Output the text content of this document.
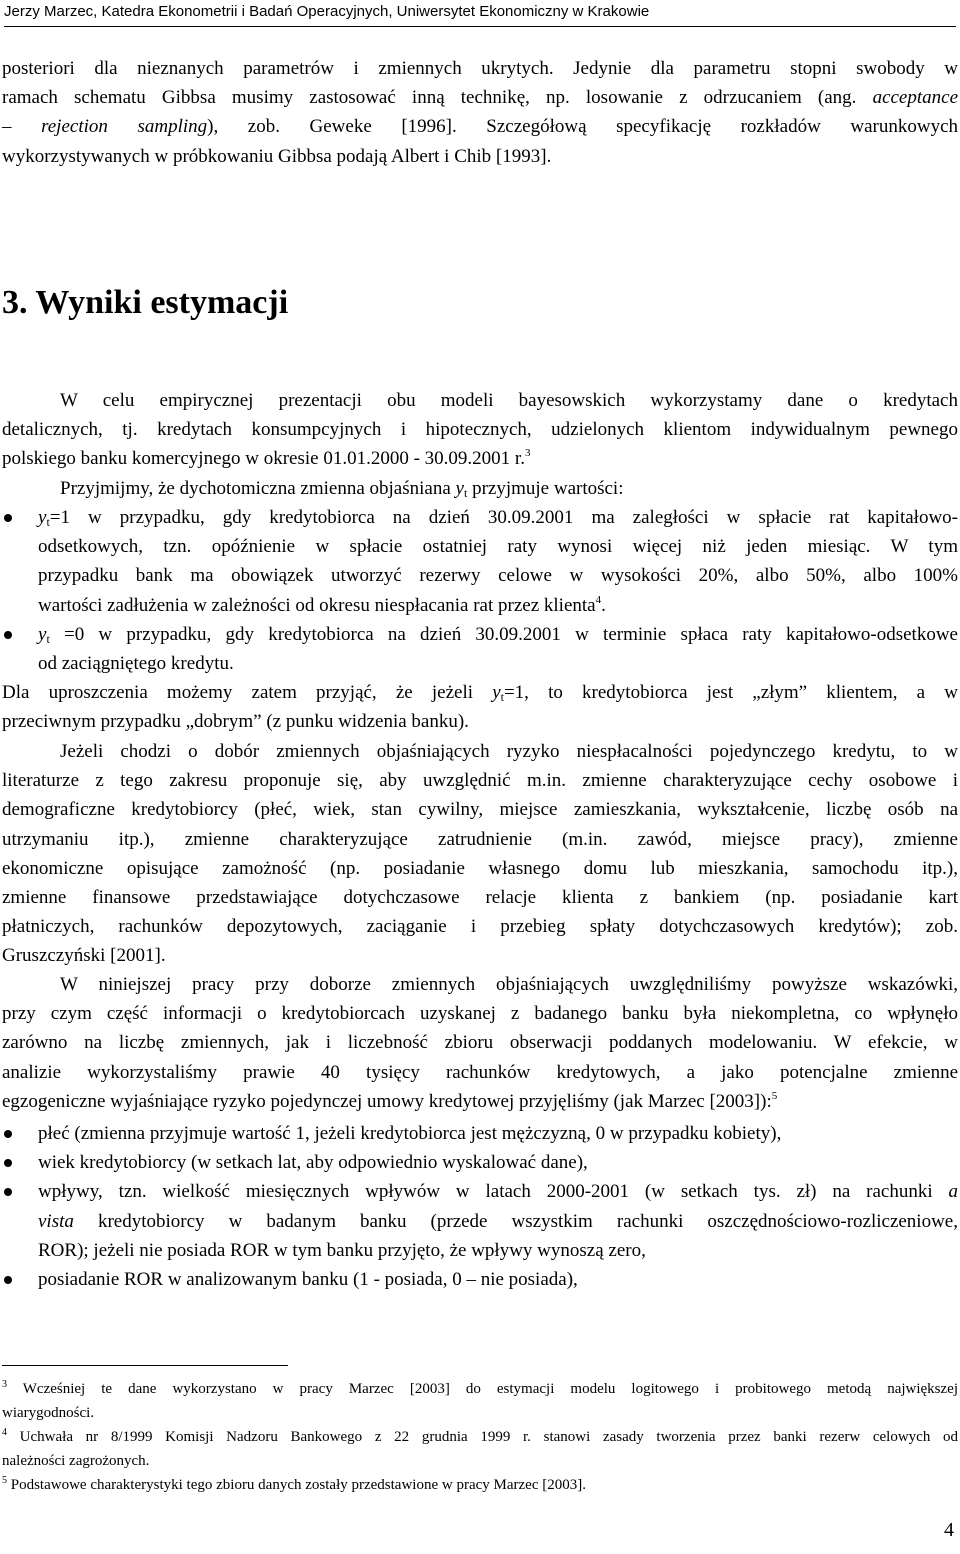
Jerzy Marzec, Katedra Ekonometrii i Badań Operacyjnych, Uniwersytet Ekonomiczny w Krakowie
posteriori dla nieznanych parametrów i zmiennych ukrytych. Jedynie dla parametru stopni swobody w
ramach schematu Gibbsa musimy zastosować inną technikę, np. losowanie z odrzucaniem (ang. acceptance
– rejection sampling), zob. Geweke [1996]. Szczegółową specyfikację rozkładów warunkowych
wykorzystywanych w próbkowaniu Gibbsa podają Albert i Chib [1993].
3. Wyniki estymacji
W celu empirycznej prezentacji obu modeli bayesowskich wykorzystamy dane o kredytach
detalicznych, tj. kredytach konsumpcyjnych i hipotecznych, udzielonych klientom indywidualnym pewnego
polskiego banku komercyjnego w okresie 01.01.2000 - 30.09.2001 r.$^3$
Przyjmijmy, że dychotomiczna zmienna objaśniana $y_t$ przyjmuje wartości:
$y_t=1$ w przypadku, gdy kredytobiorca na dzień 30.09.2001 ma zaległości w spłacie rat kapitałowo-
odsetkowych, tzn. opóźnienie w spłacie ostatniej raty wynosi więcej niż jeden miesiąc. W tym
przypadku bank ma obowiązek utworzyć rezerwy celowe w wysokości 20%, albo 50%, albo 100%
wartości zadłużenia w zależności od okresu niespłacania rat przez klienta$^4$.
$y_t =0$ w przypadku, gdy kredytobiorca na dzień 30.09.2001 w terminie spłaca raty kapitałowo-odsetkowe
od zaciągniętego kredytu.
Dla uproszczenia możemy zatem przyjąć, że jeżeli $y_t=1$, to kredytobiorca jest „złym” klientem, a w
przeciwnym przypadku „dobrym” (z punku widzenia banku).
Jeżeli chodzi o dobór zmiennych objaśniających ryzyko niespłacalności pojedynczego kredytu, to w
literaturze z tego zakresu proponuje się, aby uwzględnić m.in. zmienne charakteryzujące cechy osobowe i
demograficzne kredytobiorcy (płeć, wiek, stan cywilny, miejsce zamieszkania, wykształcenie, liczbę osób na
utrzymaniu itp.), zmienne charakteryzujące zatrudnienie (m.in. zawód, miejsce pracy), zmienne
ekonomiczne opisujące zamożność (np. posiadanie własnego domu lub mieszkania, samochodu itp.),
zmienne finansowe przedstawiające dotychczasowe relacje klienta z bankiem (np. posiadanie kart
płatniczych, rachunków depozytowych, zaciąganie i przebieg spłaty dotychczasowych kredytów); zob.
Gruszczyński [2001].
W niniejszej pracy przy doborze zmiennych objaśniających uwzględniliśmy powyższe wskazówki,
przy czym część informacji o kredytobiorcach uzyskanej z badanego banku była niekompletna, co wpłynęło
zarówno na liczbę zmiennych, jak i liczebność zbioru obserwacji poddanych modelowaniu. W efekcie, w
analizie wykorzystaliśmy prawie 40 tysięcy rachunków kredytowych, a jako potencjalne zmienne
egzogeniczne wyjaśniające ryzyko pojedynczej umowy kredytowej przyjęliśmy (jak Marzec [2003]):$^5$
płeć (zmienna przyjmuje wartość 1, jeżeli kredytobiorca jest mężczyzną, 0 w przypadku kobiety),
wiek kredytobiorcy (w setkach lat, aby odpowiednio wyskalować dane),
wpływy, tzn. wielkość miesięcznych wpływów w latach 2000-2001 (w setkach tys. zł) na rachunki a
vista kredytobiorcy w badanym banku (przede wszystkim rachunki oszczędnościowo-rozliczeniowe,
ROR); jeżeli nie posiada ROR w tym banku przyjęto, że wpływy wynoszą zero,
posiadanie ROR w analizowanym banku (1 - posiada, 0 – nie posiada),
$^3$ Wcześniej te dane wykorzystano w pracy Marzec [2003] do estymacji modelu logitowego i probitowego metodą największej
wiarygodności.
$^4$ Uchwała nr 8/1999 Komisji Nadzoru Bankowego z 22 grudnia 1999 r. stanowi zasady tworzenia przez banki rezerw celowych od
należności zagrożonych.
$^5$ Podstawowe charakterystyki tego zbioru danych zostały przedstawione w pracy Marzec [2003].
4
